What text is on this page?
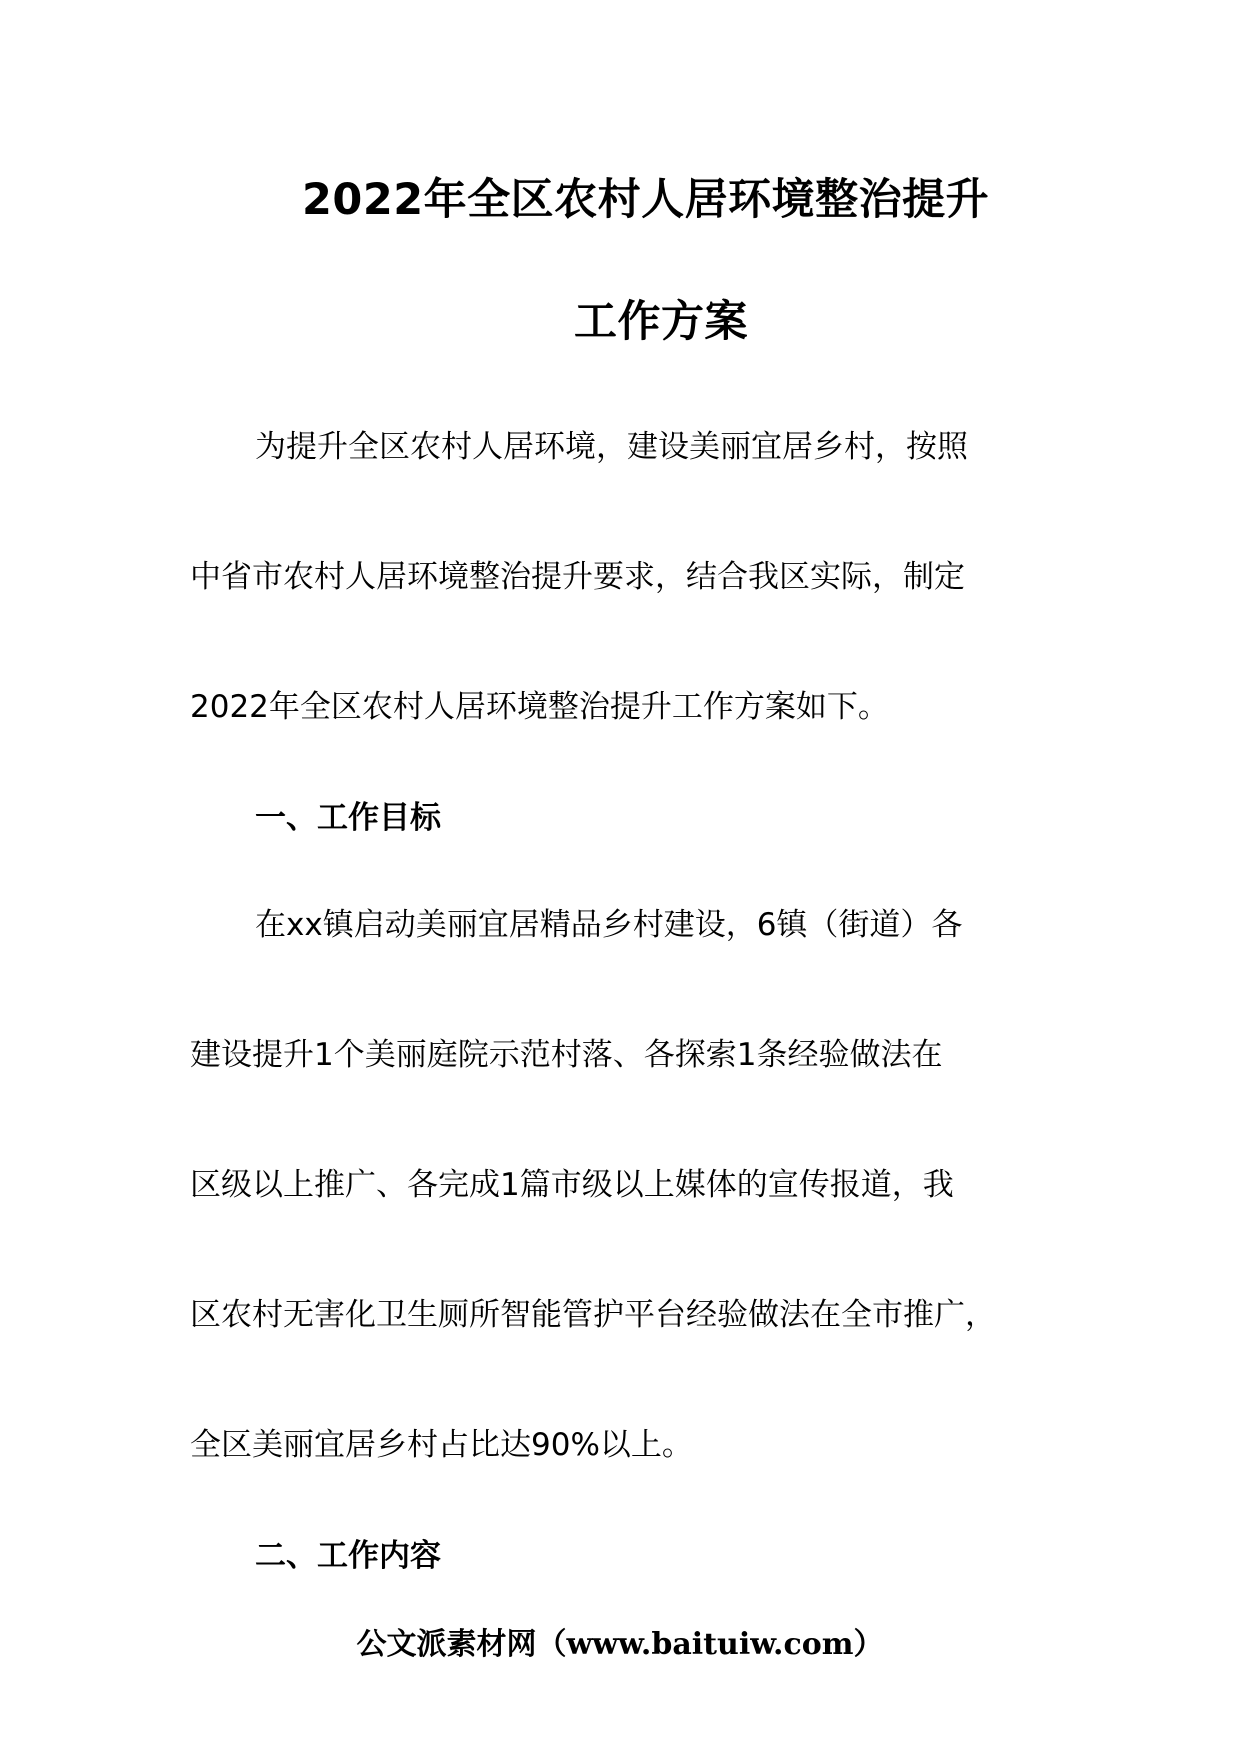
2022年全区农村人居环境整治提升
工作方案
为提升全区农村人居环境，建设美丽宜居乡村，按照
中省市农村人居环境整治提升要求，结合我区实际，制定
2022年全区农村人居环境整治提升工作方案如下。
一、工作目标
在xx镇启动美丽宜居精品乡村建设，6镇（街道）各
建设提升1个美丽庭院示范村落、各探索1条经验做法在
区级以上推广、各完成1篇市级以上媒体的宣传报道，我
区农村无害化卫生厕所智能管护平台经验做法在全市推广，
全区美丽宜居乡村占比达90%以上。
二、工作内容
公文派素材网（www.baituiw.com）
